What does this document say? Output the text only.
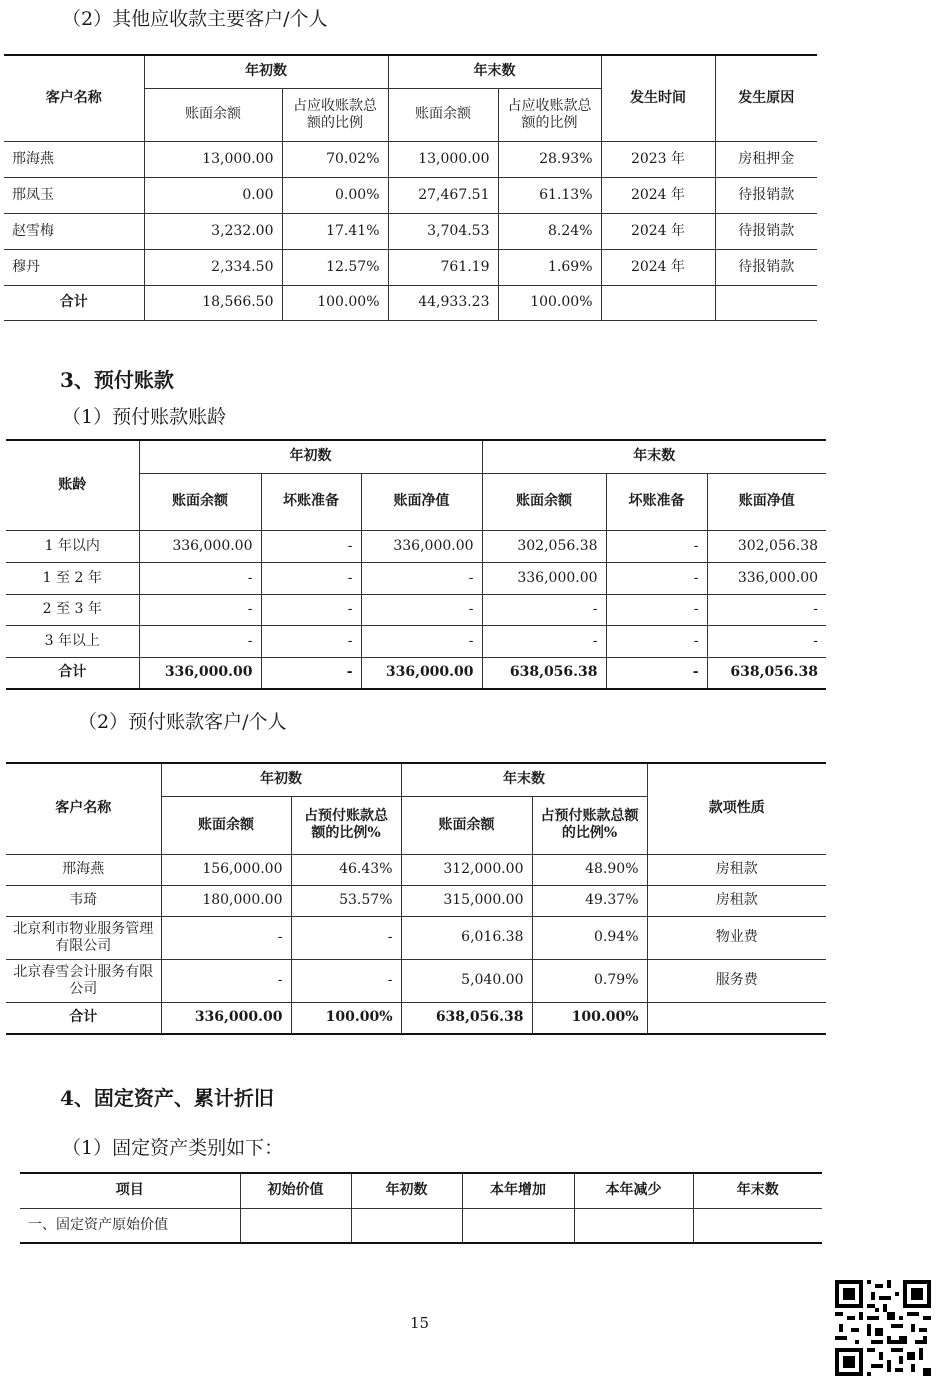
（2）其他应收款主要客户/个人
客户名称	年初数		年末数		发生时间	发生原因
	账面余额	占应收账款总额的比例	账面余额	占应收账款总额的比例		
邢海燕	13,000.00	70.02%	13,000.00	28.93%	2023 年	房租押金
邢凤玉	0.00	0.00%	27,467.51	61.13%	2024 年	待报销款
赵雪梅	3,232.00	17.41%	3,704.53	8.24%	2024 年	待报销款
穆丹	2,334.50	12.57%	761.19	1.69%	2024 年	待报销款
合计	18,566.50	100.00%	44,933.23	100.00%		
3、预付账款
（1）预付账款账龄
账龄	年初数			年末数		
	账面余额	坏账准备	账面净值	账面余额	坏账准备	账面净值
1 年以内	336,000.00	-	336,000.00	302,056.38	-	302,056.38
1 至 2 年	-	-	-	336,000.00	-	336,000.00
2 至 3 年	-	-	-	-	-	-
3 年以上	-	-	-	-	-	-
合计	336,000.00	-	336,000.00	638,056.38	-	638,056.38
（2）预付账款客户/个人
客户名称	年初数		年末数		款项性质
	账面余额	占预付账款总额的比例%	账面余额	占预付账款总额的比例%	
邢海燕	156,000.00	46.43%	312,000.00	48.90%	房租款
韦琦	180,000.00	53.57%	315,000.00	49.37%	房租款
北京利市物业服务管理有限公司	-	-	6,016.38	0.94%	物业费
北京春雪会计服务有限公司	-	-	5,040.00	0.79%	服务费
合计	336,000.00	100.00%	638,056.38	100.00%	
4、固定资产、累计折旧
（1）固定资产类别如下：
项目	初始价值	年初数	本年增加	本年减少	年末数
一、固定资产原始价值					
15
